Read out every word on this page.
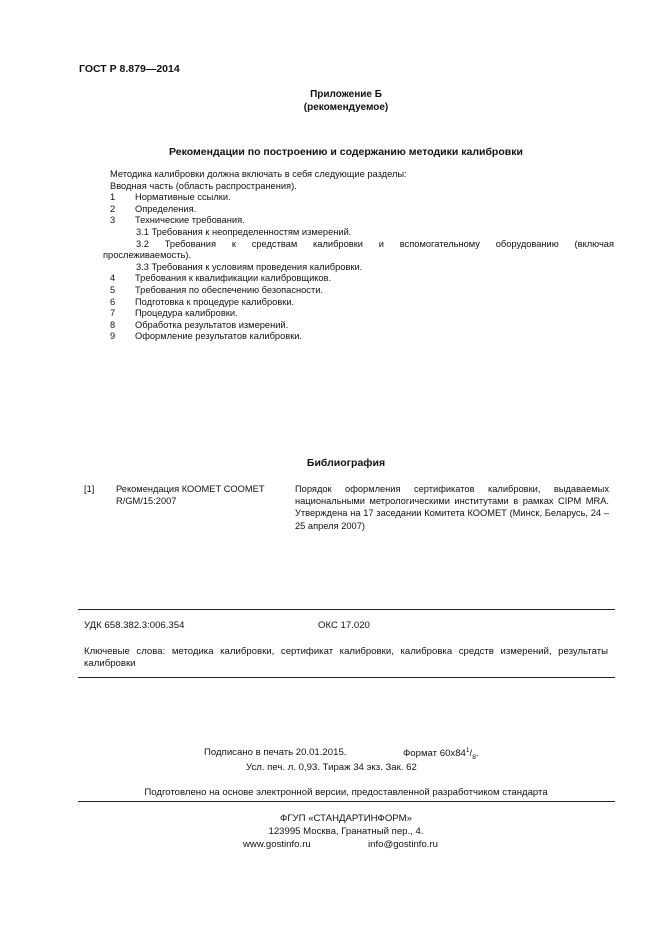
ГОСТ Р 8.879—2014
Приложение Б
(рекомендуемое)
Рекомендации по построению и содержанию методики калибровки
Методика калибровки должна включать в себя следующие разделы:
Вводная часть (область распространения).
1 Нормативные ссылки.
2 Определения.
3 Технические требования.
3.1 Требования к неопределенностям измерений.
3.2 Требования к средствам калибровки и вспомогательному оборудованию (включая
прослеживаемость).
3.3 Требования к условиям проведения калибровки.
4 Требования к квалификации калибровщиков.
5 Требования по обеспечению безопасности.
6 Подготовка к процедуре калибровки.
7 Процедура калибровки.
8 Обработка результатов измерений.
9 Оформление результатов калибровки.
Библиография
[1] Рекомендация КООМЕТ COOMET
R/GM/15:2007
Порядок оформления сертификатов калибровки, выдаваемых национальными метрологическими институтами в рамках CIPM MRA. Утверждена на 17 заседании Комитета КООМЕТ (Минск, Беларусь, 24 – 25 апреля 2007)
УДК 658.382.3:006.354	ОКС 17.020
Ключевые слова: методика калибровки, сертификат калибровки, калибровка средств измерений, результаты калибровки
Подписано в печать 20.01.2015.	Формат $60x84^1/_8$.
Усл. печ. л. 0,93. Тираж 34 экз. Зак. 62
Подготовлено на основе электронной версии, предоставленной разработчиком стандарта
ФГУП «СТАНДАРТИНФОРМ»
123995 Москва, Гранатный пер., 4.
www.gostinfo.ru	info@gostinfo.ru
